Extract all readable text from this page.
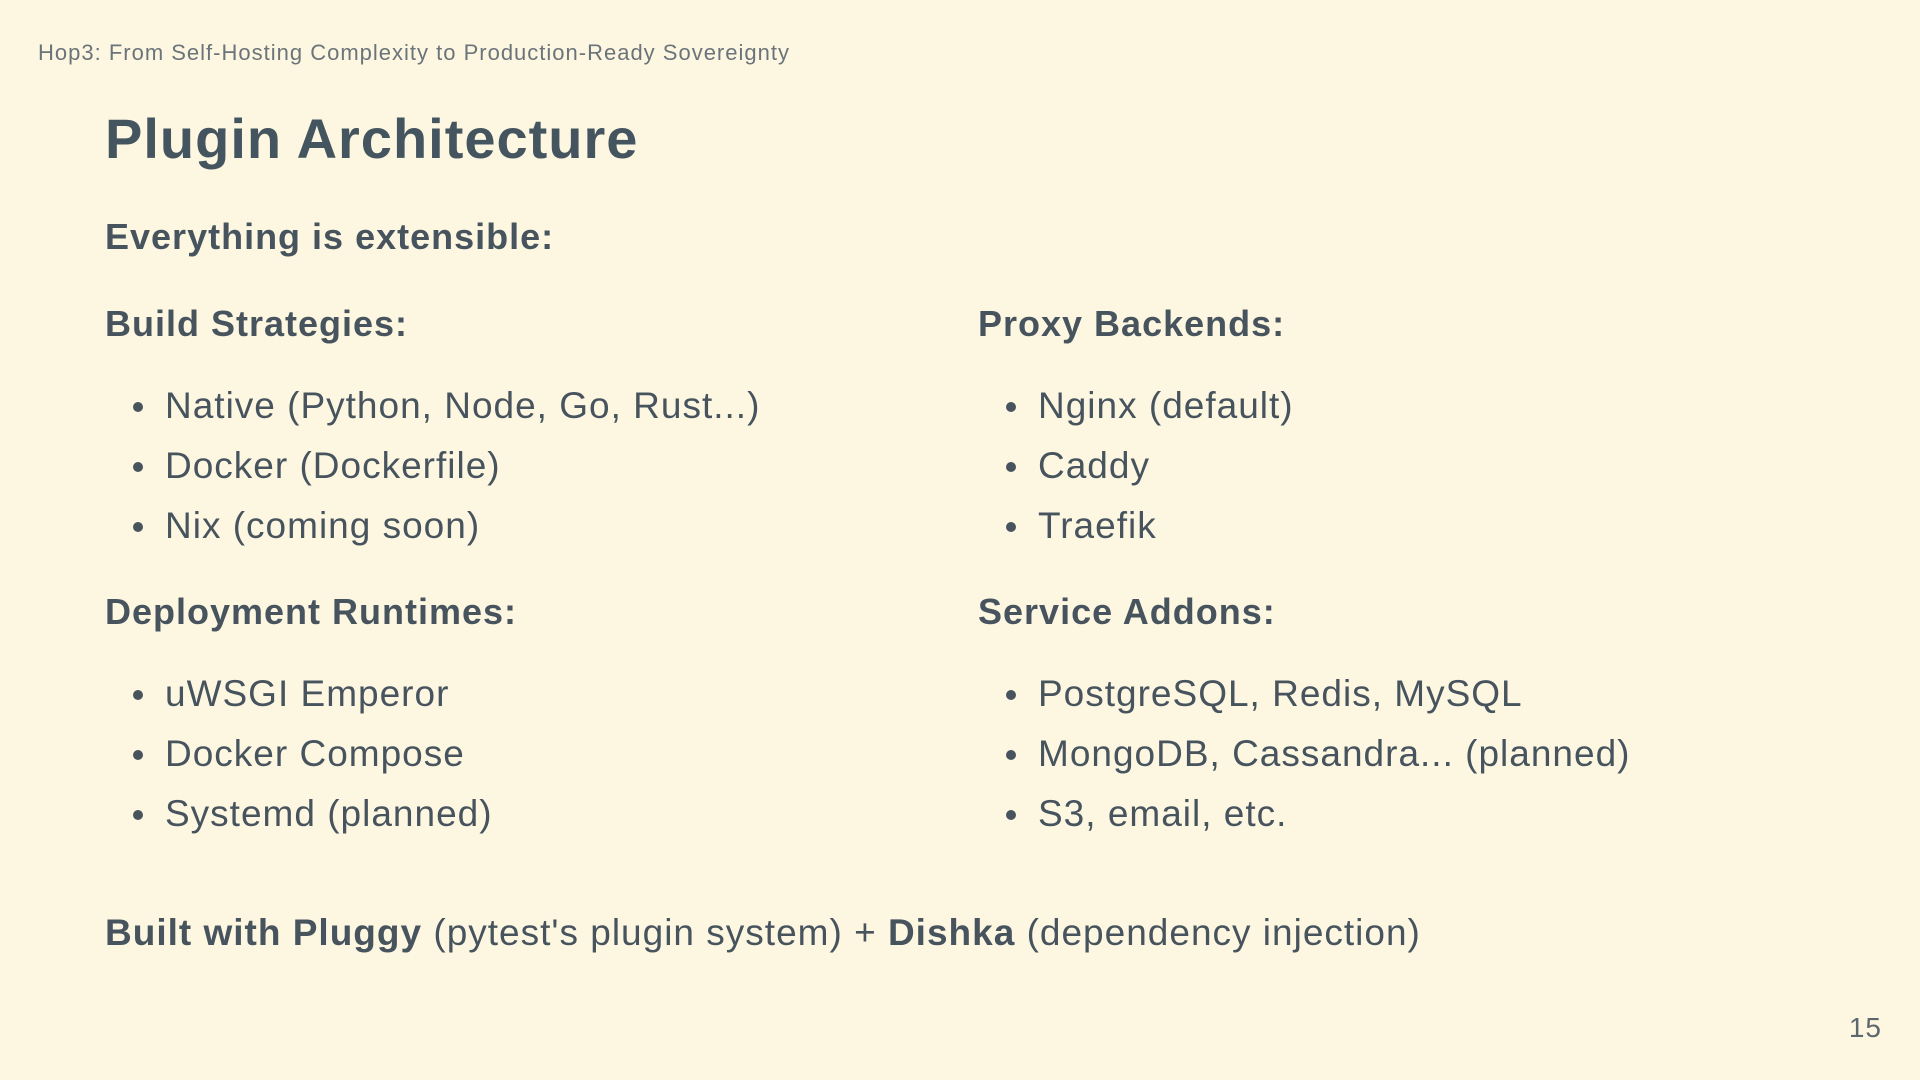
Hop3: From Self-Hosting Complexity to Production-Ready Sovereignty
Plugin Architecture
Everything is extensible:
Build Strategies:
Native (Python, Node, Go, Rust...)
Docker (Dockerfile)
Nix (coming soon)
Proxy Backends:
Nginx (default)
Caddy
Traefik
Deployment Runtimes:
uWSGI Emperor
Docker Compose
Systemd (planned)
Service Addons:
PostgreSQL, Redis, MySQL
MongoDB, Cassandra... (planned)
S3, email, etc.
Built with Pluggy (pytest's plugin system) + Dishka (dependency injection)
15
